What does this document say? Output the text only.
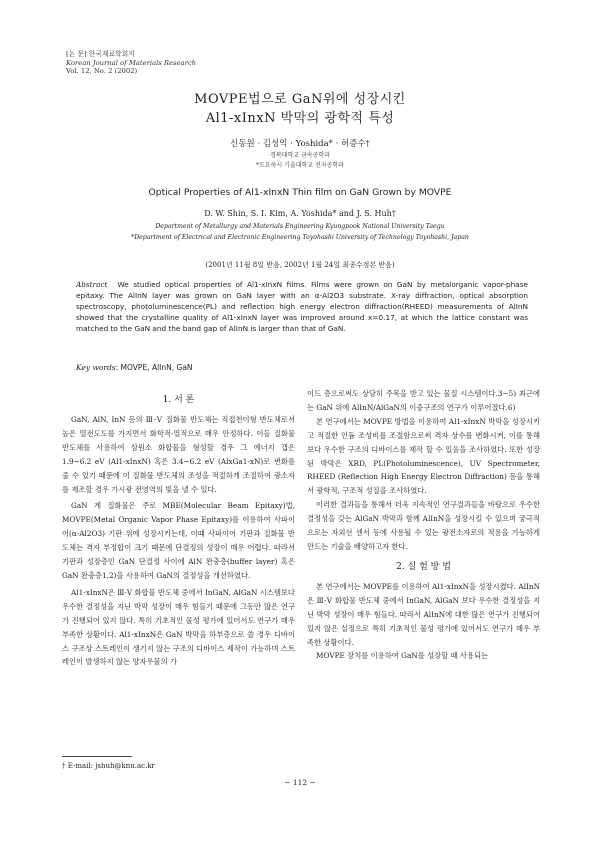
[논 문] 한국재료학회지
Korean Journal of Materials Research
Vol. 12, No. 2 (2002)
MOVPE법으로 GaN위에 성장시킨
Al1-xInxN 박막의 광학적 특성
신동원 · 김성익 · Yoshida* · 허증수†
경북대학교 금속공학과
*도요하시 기술대학교 전자공학과
Optical Properties of Al1-xInxN Thin film on GaN Grown by MOVPE
D. W. Shin, S. I. Kim, A. Yoshida* and J. S. Huh†
Department of Metallurgy and Materials Engineering Kyungpook National University Taegu
*Department of Electrical and Electronic Engineering Toyohashi University of Technology Toyohashi, Japan
(2001년 11월 8일 받음, 2002년 1월 24일 최종수정본 받음)
Abstract We studied optical properties of Al1-xInxN films. Films were grown on GaN by metalorganic vapor-phase epitaxy. The AlInN layer was grown on GaN layer with an α-Al2O3 substrate. X-ray diffraction, optical absorption spectroscopy, photoluminescence(PL) and reflection high energy electron diffraction(RHEED) measurements of AlInN showed that the crystalline quality of Al1-xInxN layer was improved around x=0.17, at which the lattice constant was matched to the GaN and the band gap of AlInN is larger than that of GaN.
Key words: MOVPE, AlInN, GaN
1. 서 론

GaN, AlN, InN 등의 Ⅲ-Ⅴ 질화물 반도체는 직접천이형 반도체로서 높은 열전도도를 가지면서 화학적·열적으로 매우 안정하다. 이들 질화물 반도체를 사용하여 삼원소 화합물을 형성할 경우 그 에너지 갭은 1.9~6.2 eV (Al1-xInxN) 혹은 3.4~6.2 eV (AlxGa1-xN)로 변화를 줄 수 있기 때문에 이 질화물 반도체의 조성을 적절하게 조절하여 광소자를 제조할 경우 가시광 전영역의 빛을 낼 수 있다.

GaN 계 질화물은 주로 MBE(Molecular Beam Epitaxy)법, MOVPE(Metal Organic Vapor Phase Epitaxy)를 이용하여 사파이어(α-Al2O3) 기판 위에 성장시키는데, 이때 사파이어 기판과 질화물 반도체는 격자 부정합이 크기 때문에 단결정의 성장이 매우 어렵다. 따라서 기판과 성장층인 GaN 단결정 사이에 AlN 완충층(buffer layer) 혹은 GaN 완충층1,2)을 사용하여 GaN의 결정성을 개선하였다.

Al1-xInxN은 Ⅲ-Ⅴ 화합물 반도체 중에서 InGaN, AlGaN 시스템보다 우수한 결정성을 지닌 박막 성장이 매우 힘들기 때문에 그동안 많은 연구가 진행되어 있지 않다. 특히 기초적인 물성 평가에 있어서도 연구가 매우 부족한 상황이다. Al1-xInxN은 GaN 박막을 하부층으로 쓸 경우 디바이스 구조상 스트레인이 생기지 않는 구조의 디바이스 제작이 가능하며 스트레인이 발생하지 않는 양자우물의 가

이드 층으로써도 상당히 주목을 받고 있는 물질 시스템이다.3~5) 최근에는 GaN 위에 AlInN/AlGaN의 이중구조의 연구가 이루어졌다.6)

본 연구에서는 MOVPE 방법을 이용하여 Al1-xInxN 박막을 성장시키고 적절한 인듐 조성비를 조절함으로써 격자 상수를 변화시켜, 이를 통해 보다 우수한 구조의 디바이스를 제작 할 수 있음을 조사하였다. 또한 성장된 박막은 XRD, PL(Photoluminescence), UV Spectrometer, RHEED (Reflection High Energy Electron Diffraction) 등을 통해서 광학적, 구조적 성질을 조사하였다.

이러한 결과들을 통해서 더욱 지속적인 연구결과들을 바탕으로 우수한 결정성을 갖는 AlGaN 박막과 함께 AlInN을 성장시킬 수 있으며 궁극적으로는 자외선 센서 등에 사용될 수 있는 광전소자로의 적용을 가능하게 만드는 기술을 배양하고자 한다.

2. 실 험 방 법

본 연구에서는 MOVPE를 이용하여 Al1-xInxN을 성장시켰다. AlInN은 Ⅲ-Ⅴ 화합물 반도체 중에서 InGaN, AlGaN 보다 우수한 결정성을 지닌 박막 성장이 매우 힘들다. 따라서 AlInN에 대한 많은 연구가 진행되어 있지 않은 실정으로 특히 기초적인 물성 평가에 있어서도 연구가 매우 부족한 상황이다.

MOVPE 장치를 이용하여 GaN를 성장할 때 사용되는

† E-mail: jshuh@knu.ac.kr
− 112 −
